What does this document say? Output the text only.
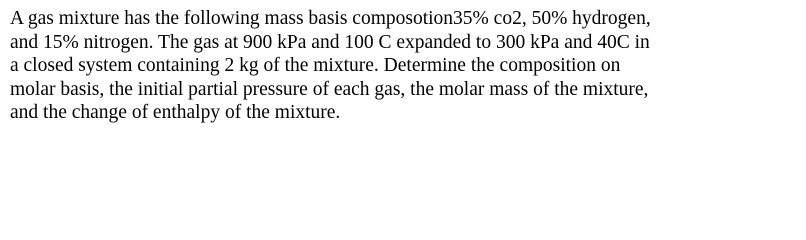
A gas mixture has the following mass basis composotion35% co2, 50% hydrogen,
and 15% nitrogen. The gas at 900 kPa and 100 C expanded to 300 kPa and 40C in
a closed system containing 2 kg of the mixture. Determine the composition on
molar basis, the initial partial pressure of each gas, the molar mass of the mixture,
and the change of enthalpy of the mixture.
